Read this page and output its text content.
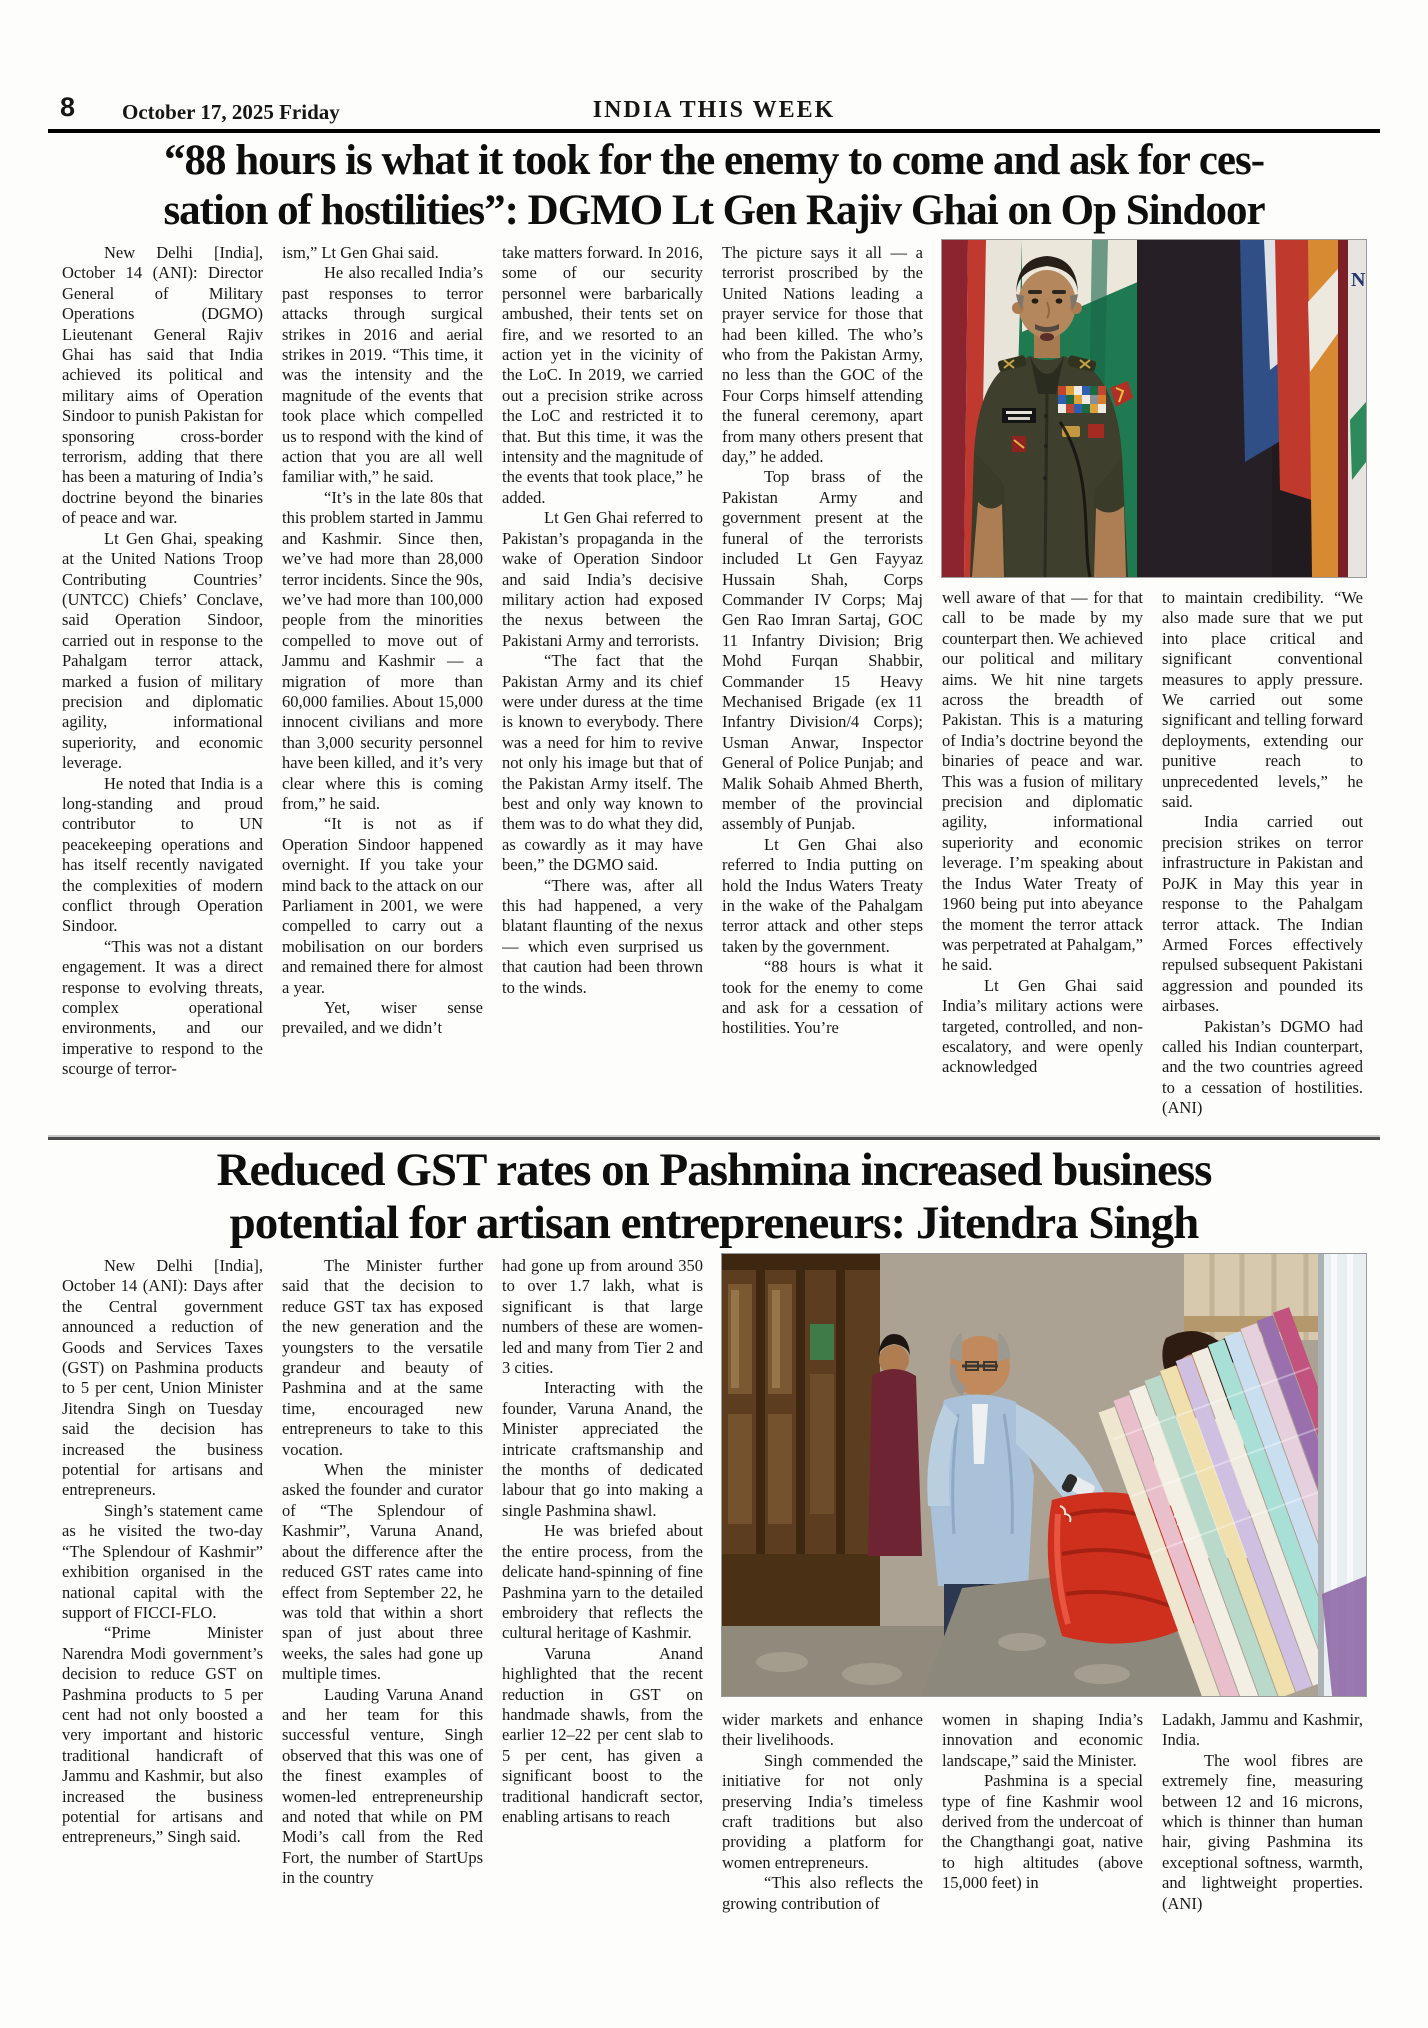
8 October 17, 2025 Friday	INDIA THIS WEEK
“88 hours is what it took for the enemy to come and ask for ces-
sation of hostilities”: DGMO Lt Gen Rajiv Ghai on Op Sindoor

New Delhi [India], October 14 (ANI): Director General of Military Operations (DGMO) Lieutenant General Rajiv Ghai has said that India achieved its political and military aims of Operation Sindoor to punish Pakistan for sponsoring cross-border terrorism, adding that there has been a maturing of India’s doctrine beyond the binaries of peace and war.

Lt Gen Ghai, speaking at the United Nations Troop Contributing Countries’ (UNTCC) Chiefs’ Conclave, said Operation Sindoor, carried out in response to the Pahalgam terror attack, marked a fusion of military precision and diplomatic agility, informational superiority, and economic leverage.

He noted that India is a long-standing and proud contributor to UN peacekeeping operations and has itself recently navigated the complexities of modern conflict through Operation Sindoor.

“This was not a distant engagement. It was a direct response to evolving threats, complex operational environments, and our imperative to respond to the scourge of terror-

ism,” Lt Gen Ghai said.

He also recalled India’s past responses to terror attacks through surgical strikes in 2016 and aerial strikes in 2019. “This time, it was the intensity and the magnitude of the events that took place which compelled us to respond with the kind of action that you are all well familiar with,” he said.

“It’s in the late 80s that this problem started in Jammu and Kashmir. Since then, we’ve had more than 28,000 terror incidents. Since the 90s, we’ve had more than 100,000 people from the minorities compelled to move out of Jammu and Kashmir — a migration of more than 60,000 families. About 15,000 innocent civilians and more than 3,000 security personnel have been killed, and it’s very clear where this is coming from,” he said.

“It is not as if Operation Sindoor happened overnight. If you take your mind back to the attack on our Parliament in 2001, we were compelled to carry out a mobilisation on our borders and remained there for almost a year.

Yet, wiser sense prevailed, and we didn’t

take matters forward. In 2016, some of our security personnel were barbarically ambushed, their tents set on fire, and we resorted to an action yet in the vicinity of the LoC. In 2019, we carried out a precision strike across the LoC and restricted it to that. But this time, it was the intensity and the magnitude of the events that took place,” he added.

Lt Gen Ghai referred to Pakistan’s propaganda in the wake of Operation Sindoor and said India’s decisive military action had exposed the nexus between the Pakistani Army and terrorists.

“The fact that the Pakistan Army and its chief were under duress at the time is known to everybody. There was a need for him to revive not only his image but that of the Pakistan Army itself. The best and only way known to them was to do what they did, as cowardly as it may have been,” the DGMO said.

“There was, after all this had happened, a very blatant flaunting of the nexus — which even surprised us that caution had been thrown to the winds.

The picture says it all — a terrorist proscribed by the United Nations leading a prayer service for those that had been killed. The who’s who from the Pakistan Army, no less than the GOC of the Four Corps himself attending the funeral ceremony, apart from many others present that day,” he added.

Top brass of the Pakistan Army and government present at the funeral of the terrorists included Lt Gen Fayyaz Hussain Shah, Corps Commander IV Corps; Maj Gen Rao Imran Sartaj, GOC 11 Infantry Division; Brig Mohd Furqan Shabbir, Commander 15 Heavy Mechanised Brigade (ex 11 Infantry Division/4 Corps); Usman Anwar, Inspector General of Police Punjab; and Malik Sohaib Ahmed Bherth, member of the provincial assembly of Punjab.

Lt Gen Ghai also referred to India putting on hold the Indus Waters Treaty in the wake of the Pahalgam terror attack and other steps taken by the government.

“88 hours is what it took for the enemy to come and ask for a cessation of hostilities. You’re

N

well aware of that — for that call to be made by my counterpart then. We achieved our political and military aims. We hit nine targets across the breadth of Pakistan. This is a maturing of India’s doctrine beyond the binaries of peace and war. This was a fusion of military precision and diplomatic agility, informational superiority and economic leverage. I’m speaking about the Indus Water Treaty of 1960 being put into abeyance the moment the terror attack was perpetrated at Pahalgam,” he said.

Lt Gen Ghai said India’s military actions were targeted, controlled, and non-escalatory, and were openly acknowledged

to maintain credibility. “We also made sure that we put into place critical and significant conventional measures to apply pressure. We carried out some significant and telling forward deployments, extending our punitive reach to unprecedented levels,” he said.

India carried out precision strikes on terror infrastructure in Pakistan and PoJK in May this year in response to the Pahalgam terror attack. The Indian Armed Forces effectively repulsed subsequent Pakistani aggression and pounded its airbases.

Pakistan’s DGMO had called his Indian counterpart, and the two countries agreed to a cessation of hostilities. (ANI)

Reduced GST rates on Pashmina increased business
potential for artisan entrepreneurs: Jitendra Singh

New Delhi [India], October 14 (ANI): Days after the Central government announced a reduction of Goods and Services Taxes (GST) on Pashmina products to 5 per cent, Union Minister Jitendra Singh on Tuesday said the decision has increased the business potential for artisans and entrepreneurs.

Singh’s statement came as he visited the two-day “The Splendour of Kashmir” exhibition organised in the national capital with the support of FICCI-FLO.

“Prime Minister Narendra Modi government’s decision to reduce GST on Pashmina products to 5 per cent had not only boosted a very important and historic traditional handicraft of Jammu and Kashmir, but also increased the business potential for artisans and entrepreneurs,” Singh said.

The Minister further said that the decision to reduce GST tax has exposed the new generation and the youngsters to the versatile grandeur and beauty of Pashmina and at the same time, encouraged new entrepreneurs to take to this vocation.

When the minister asked the founder and curator of “The Splendour of Kashmir”, Varuna Anand, about the difference after the reduced GST rates came into effect from September 22, he was told that within a short span of just about three weeks, the sales had gone up multiple times.

Lauding Varuna Anand and her team for this successful venture, Singh observed that this was one of the finest examples of women-led entrepreneurship and noted that while on PM Modi’s call from the Red Fort, the number of StartUps in the country

had gone up from around 350 to over 1.7 lakh, what is significant is that large numbers of these are women-led and many from Tier 2 and 3 cities.

Interacting with the founder, Varuna Anand, the Minister appreciated the intricate craftsmanship and the months of dedicated labour that go into making a single Pashmina shawl.

He was briefed about the entire process, from the delicate hand-spinning of fine Pashmina yarn to the detailed embroidery that reflects the cultural heritage of Kashmir.

Varuna Anand highlighted that the recent reduction in GST on handmade shawls, from the earlier 12–22 per cent slab to 5 per cent, has given a significant boost to the traditional handicraft sector, enabling artisans to reach

wider markets and enhance their livelihoods.

Singh commended the initiative for not only preserving India’s timeless craft traditions but also providing a platform for women entrepreneurs.

“This also reflects the growing contribution of

women in shaping India’s innovation and economic landscape,” said the Minister.

Pashmina is a special type of fine Kashmir wool derived from the undercoat of the Changthangi goat, native to high altitudes (above 15,000 feet) in

Ladakh, Jammu and Kashmir, India.

The wool fibres are extremely fine, measuring between 12 and 16 microns, which is thinner than human hair, giving Pashmina its exceptional softness, warmth, and lightweight properties. (ANI)
